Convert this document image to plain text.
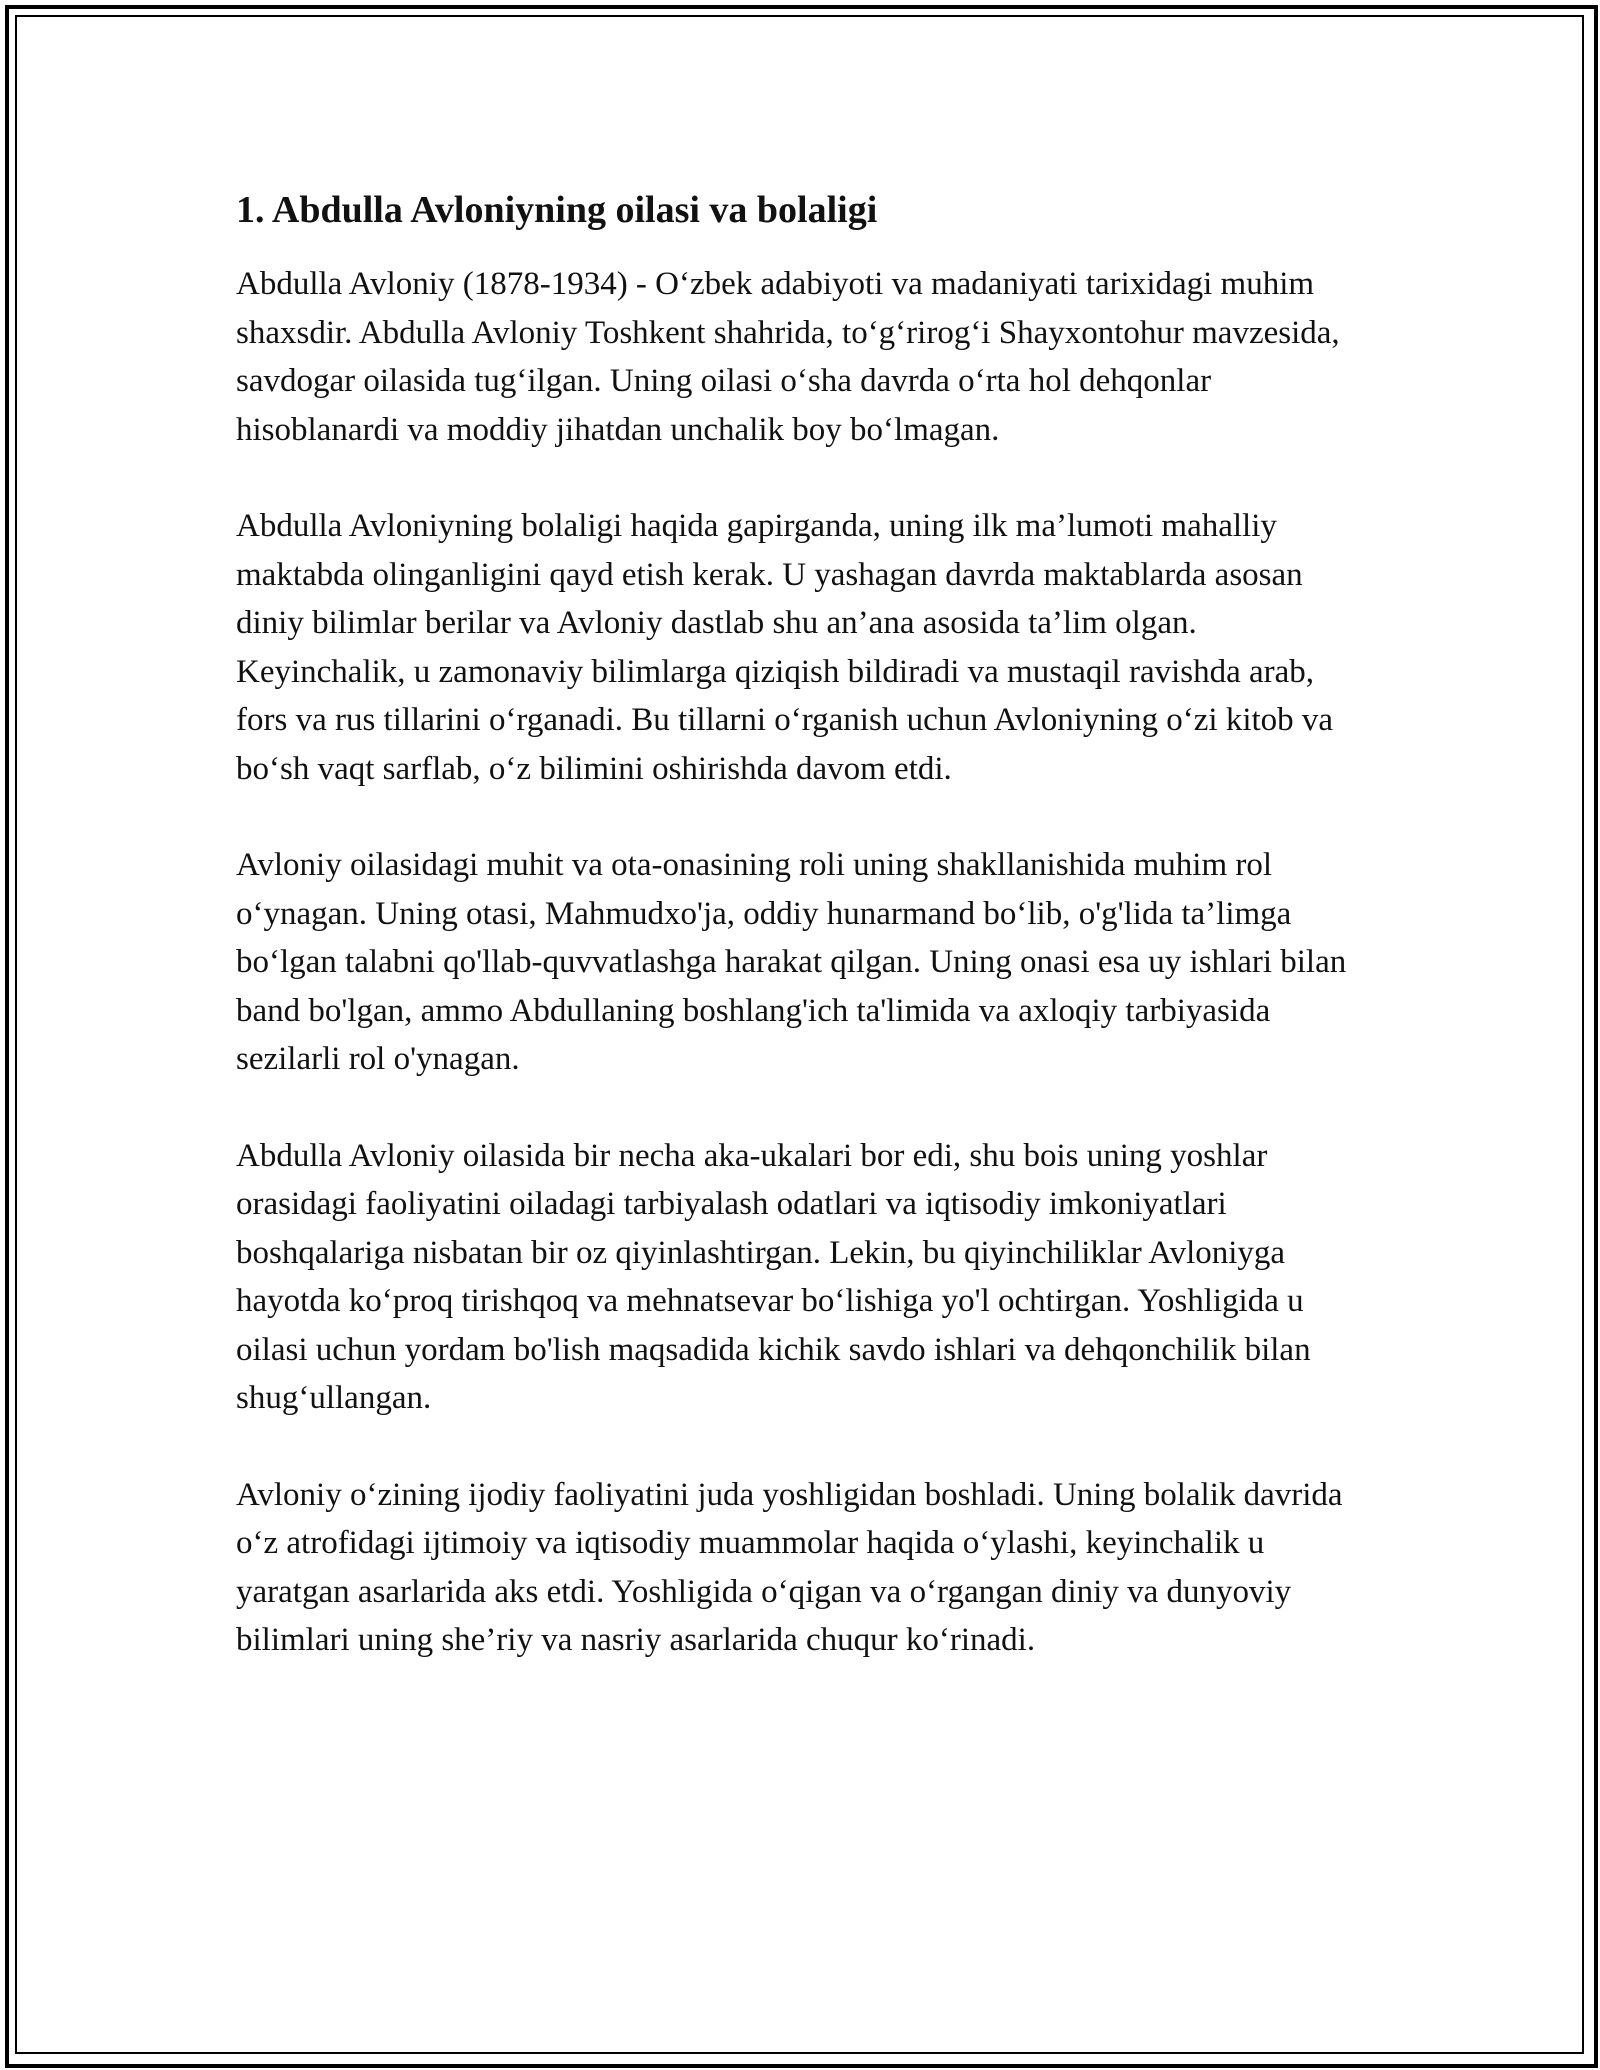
1. Abdulla Avloniyning oilasi va bolaligi

Abdulla Avloniy (1878-1934) - O‘zbek adabiyoti va madaniyati tarixidagi muhim shaxsdir. Abdulla Avloniy Toshkent shahrida, to‘g‘rirog‘i Shayxontohur mavzesida, savdogar oilasida tug‘ilgan. Uning oilasi o‘sha davrda o‘rta hol dehqonlar hisoblanardi va moddiy jihatdan unchalik boy bo‘lmagan.

Abdulla Avloniyning bolaligi haqida gapirganda, uning ilk ma’lumoti mahalliy maktabda olinganligini qayd etish kerak. U yashagan davrda maktablarda asosan diniy bilimlar berilar va Avloniy dastlab shu an’ana asosida ta’lim olgan. Keyinchalik, u zamonaviy bilimlarga qiziqish bildiradi va mustaqil ravishda arab, fors va rus tillarini o‘rganadi. Bu tillarni o‘rganish uchun Avloniyning o‘zi kitob va bo‘sh vaqt sarflab, o‘z bilimini oshirishda davom etdi.

Avloniy oilasidagi muhit va ota-onasining roli uning shakllanishida muhim rol o‘ynagan. Uning otasi, Mahmudxo'ja, oddiy hunarmand bo‘lib, o'g'lida ta’limga bo‘lgan talabni qo'llab-quvvatlashga harakat qilgan. Uning onasi esa uy ishlari bilan band bo'lgan, ammo Abdullaning boshlang'ich ta'limida va axloqiy tarbiyasida sezilarli rol o'ynagan.

Abdulla Avloniy oilasida bir necha aka-ukalari bor edi, shu bois uning yoshlar orasidagi faoliyatini oiladagi tarbiyalash odatlari va iqtisodiy imkoniyatlari boshqalariga nisbatan bir oz qiyinlashtirgan. Lekin, bu qiyinchiliklar Avloniyga hayotda ko‘proq tirishqoq va mehnatsevar bo‘lishiga yo'l ochtirgan. Yoshligida u oilasi uchun yordam bo'lish maqsadida kichik savdo ishlari va dehqonchilik bilan shug‘ullangan.

Avloniy o‘zining ijodiy faoliyatini juda yoshligidan boshladi. Uning bolalik davrida o‘z atrofidagi ijtimoiy va iqtisodiy muammolar haqida o‘ylashi, keyinchalik u yaratgan asarlarida aks etdi. Yoshligida o‘qigan va o‘rgangan diniy va dunyoviy bilimlari uning she’riy va nasriy asarlarida chuqur ko‘rinadi.
